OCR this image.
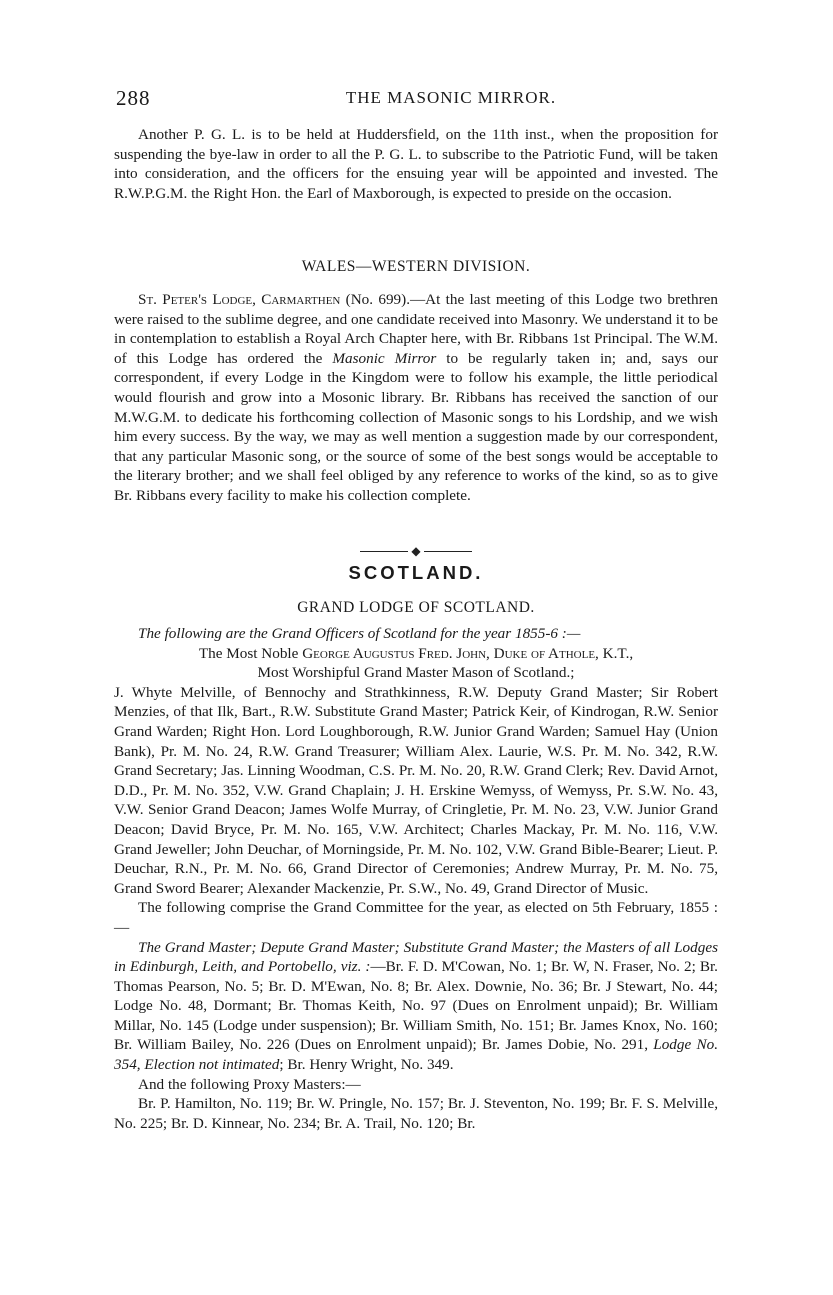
288	THE MASONIC MIRROR.

Another P. G. L. is to be held at Huddersfield, on the 11th inst., when the proposition for suspending the bye-law in order to all the P. G. L. to subscribe to the Patriotic Fund, will be taken into consideration, and the officers for the ensuing year will be appointed and invested. The R.W.P.G.M. the Right Hon. the Earl of Maxborough, is expected to preside on the occasion.

WALES—WESTERN DIVISION.

St. Peter's Lodge, Carmarthen (No. 699).—At the last meeting of this Lodge two brethren were raised to the sublime degree, and one candidate received into Masonry. We understand it to be in contemplation to establish a Royal Arch Chapter here, with Br. Ribbans 1st Principal. The W.M. of this Lodge has ordered the Masonic Mirror to be regularly taken in; and, says our correspondent, if every Lodge in the Kingdom were to follow his example, the little periodical would flourish and grow into a Mosonic library. Br. Ribbans has received the sanction of our M.W.G.M. to dedicate his forthcoming collection of Masonic songs to his Lordship, and we wish him every success. By the way, we may as well mention a suggestion made by our correspondent, that any particular Masonic song, or the source of some of the best songs would be acceptable to the literary brother; and we shall feel obliged by any reference to works of the kind, so as to give Br. Ribbans every facility to make his collection complete.

◆
SCOTLAND.
GRAND LODGE OF SCOTLAND.

The following are the Grand Officers of Scotland for the year 1855-6 :—

The Most Noble George Augustus Fred. John, Duke of Athole, K.T.,

Most Worshipful Grand Master Mason of Scotland.;

J. Whyte Melville, of Bennochy and Strathkinness, R.W. Deputy Grand Master; Sir Robert Menzies, of that Ilk, Bart., R.W. Substitute Grand Master; Patrick Keir, of Kindrogan, R.W. Senior Grand Warden; Right Hon. Lord Loughborough, R.W. Junior Grand Warden; Samuel Hay (Union Bank), Pr. M. No. 24, R.W. Grand Treasurer; William Alex. Laurie, W.S. Pr. M. No. 342, R.W. Grand Secretary; Jas. Linning Woodman, C.S. Pr. M. No. 20, R.W. Grand Clerk; Rev. David Arnot, D.D., Pr. M. No. 352, V.W. Grand Chaplain; J. H. Erskine Wemyss, of Wemyss, Pr. S.W. No. 43, V.W. Senior Grand Deacon; James Wolfe Murray, of Cringletie, Pr. M. No. 23, V.W. Junior Grand Deacon; David Bryce, Pr. M. No. 165, V.W. Architect; Charles Mackay, Pr. M. No. 116, V.W. Grand Jeweller; John Deuchar, of Morningside, Pr. M. No. 102, V.W. Grand Bible-Bearer; Lieut. P. Deuchar, R.N., Pr. M. No. 66, Grand Director of Ceremonies; Andrew Murray, Pr. M. No. 75, Grand Sword Bearer; Alexander Mackenzie, Pr. S.W., No. 49, Grand Director of Music.

The following comprise the Grand Committee for the year, as elected on 5th February, 1855 :—

The Grand Master; Depute Grand Master; Substitute Grand Master; the Masters of all Lodges in Edinburgh, Leith, and Portobello, viz. :—Br. F. D. M'Cowan, No. 1; Br. W, N. Fraser, No. 2; Br. Thomas Pearson, No. 5; Br. D. M'Ewan, No. 8; Br. Alex. Downie, No. 36; Br. J Stewart, No. 44; Lodge No. 48, Dormant; Br. Thomas Keith, No. 97 (Dues on Enrolment unpaid); Br. William Millar, No. 145 (Lodge under suspension); Br. William Smith, No. 151; Br. James Knox, No. 160; Br. William Bailey, No. 226 (Dues on Enrolment unpaid); Br. James Dobie, No. 291, Lodge No. 354, Election not intimated; Br. Henry Wright, No. 349.

And the following Proxy Masters:—

Br. P. Hamilton, No. 119; Br. W. Pringle, No. 157; Br. J. Steventon, No. 199; Br. F. S. Melville, No. 225; Br. D. Kinnear, No. 234; Br. A. Trail, No. 120; Br.
